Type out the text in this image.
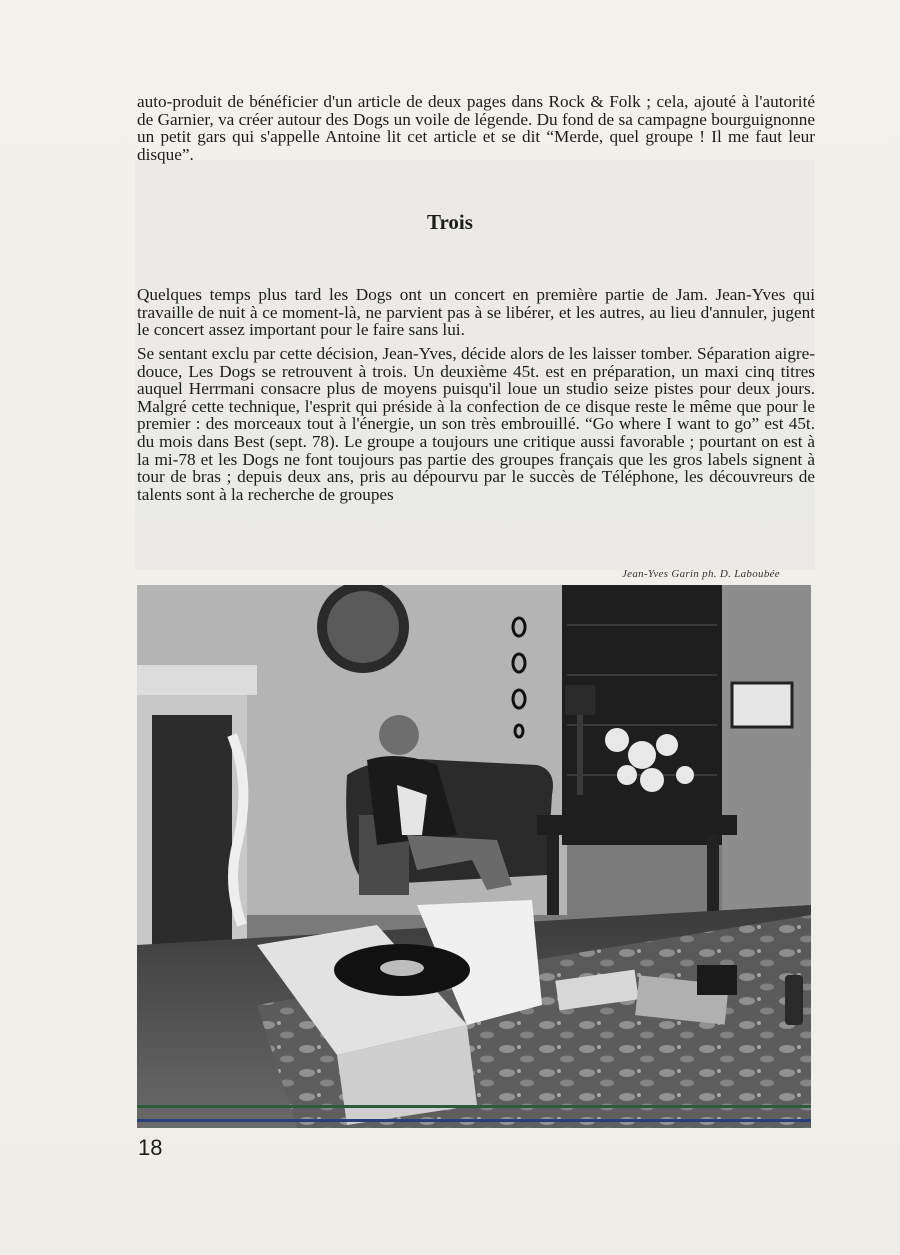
auto-produit de bénéficier d'un article de deux pages dans Rock & Folk ; cela, ajouté à l'autorité de Garnier, va créer autour des Dogs un voile de légende. Du fond de sa campagne bourguignonne un petit gars qui s'appelle Antoine lit cet article et se dit “Merde, quel groupe ! Il me faut leur disque”.

Trois

Quelques temps plus tard les Dogs ont un concert en première partie de Jam. Jean-Yves qui travaille de nuit à ce moment-là, ne parvient pas à se libérer, et les autres, au lieu d'annuler, jugent le concert assez important pour le faire sans lui.

Se sentant exclu par cette décision, Jean-Yves, décide alors de les laisser tomber. Séparation aigre-douce, Les Dogs se retrouvent à trois. Un deuxième 45t. est en préparation, un maxi cinq titres auquel Herrmani consacre plus de moyens puisqu'il loue un studio seize pistes pour deux jours. Malgré cette technique, l'esprit qui préside à la confection de ce disque reste le même que pour le premier : des morceaux tout à l'énergie, un son très embrouillé. “Go where I want to go” est 45t. du mois dans Best (sept. 78). Le groupe a toujours une critique aussi favorable ; pourtant on est à la mi-78 et les Dogs ne font toujours pas partie des groupes français que les gros labels signent à tour de bras ; depuis deux ans, pris au dépourvu par le succès de Téléphone, les découvreurs de talents sont à la recherche de groupes

Jean-Yves Garin ph. D. Laboubée
18
